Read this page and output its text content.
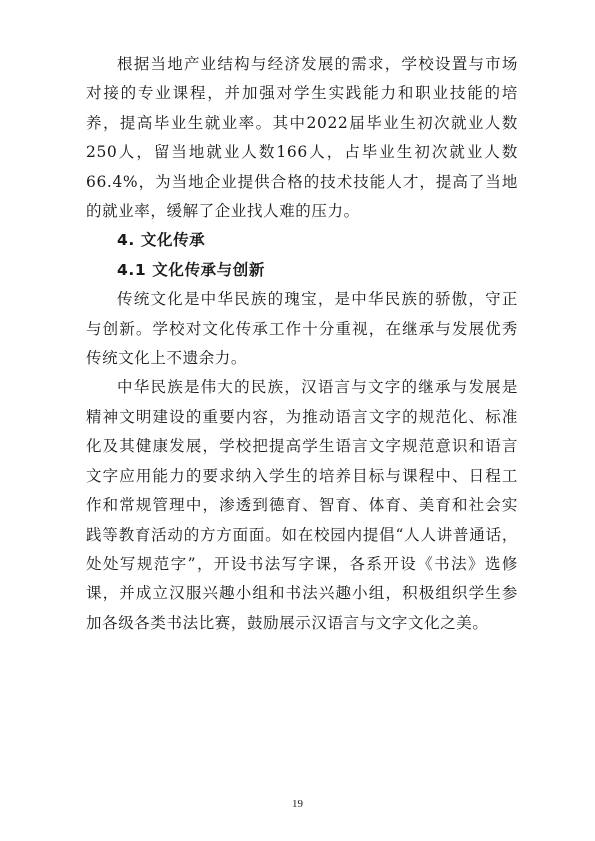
根据当地产业结构与经济发展的需求，学校设置与市场对接的专业课程，并加强对学生实践能力和职业技能的培养，提高毕业生就业率。其中2022届毕业生初次就业人数250人，留当地就业人数166人，占毕业生初次就业人数66.4%，为当地企业提供合格的技术技能人才，提高了当地的就业率，缓解了企业找人难的压力。

4. 文化传承

4.1 文化传承与创新

传统文化是中华民族的瑰宝，是中华民族的骄傲，守正与创新。学校对文化传承工作十分重视，在继承与发展优秀传统文化上不遗余力。

中华民族是伟大的民族，汉语言与文字的继承与发展是精神文明建设的重要内容，为推动语言文字的规范化、标准化及其健康发展，学校把提高学生语言文字规范意识和语言文字应用能力的要求纳入学生的培养目标与课程中、日程工作和常规管理中，渗透到德育、智育、体育、美育和社会实践等教育活动的方方面面。如在校园内提倡“人人讲普通话，处处写规范字”，开设书法写字课，各系开设《书法》选修课，并成立汉服兴趣小组和书法兴趣小组，积极组织学生参加各级各类书法比赛，鼓励展示汉语言与文字文化之美。

19
